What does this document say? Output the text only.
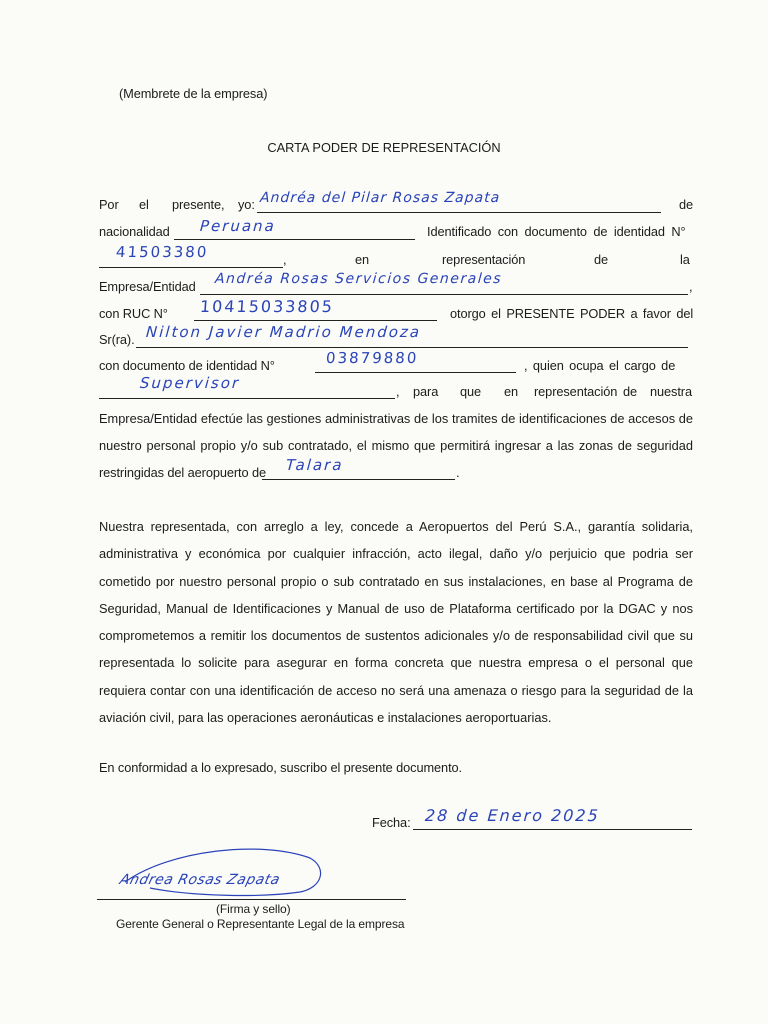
(Membrete de la empresa)
CARTA PODER DE REPRESENTACIÓN
Por el presente, yo: Andréa del Pilar Rosas Zapata	de
nacionalidad Peruana	Identificado con documento de identidad N°
41503380	,	en	representación	de	la
Empresa/Entidad Andréa Rosas Servicios Generales	,
con RUC N° 10415033805	otorgo el PRESENTE PODER a favor del
Sr(ra). Nilton Javier Madrio Mendoza
con documento de identidad N°	03879880	, quien ocupa el cargo de
Supervisor	, para que en representación de nuestra
Empresa/Entidad efectúe las gestiones administrativas de los tramites de identificaciones de accesos de
nuestro personal propio y/o sub contratado, el mismo que permitirá ingresar a las zonas de seguridad
restringidas del aeropuerto de Talara	.
Nuestra representada, con arreglo a ley, concede a Aeropuertos del Perú S.A., garantía solidaria, administrativa y económica por cualquier infracción, acto ilegal, daño y/o perjuicio que podria ser cometido por nuestro personal propio o sub contratado en sus instalaciones, en base al Programa de Seguridad, Manual de Identificaciones y Manual de uso de Plataforma certificado por la DGAC y nos comprometemos a remitir los documentos de sustentos adicionales y/o de responsabilidad civil que su representada lo solicite para asegurar en forma concreta que nuestra empresa o el personal que requiera contar con una identificación de acceso no será una amenaza o riesgo para la seguridad de la aviación civil, para las operaciones aeronáuticas e instalaciones aeroportuarias.
En conformidad a lo expresado, suscribo el presente documento.
Fecha: 28 de Enero 2025
Andrea Rosas Zapata
(Firma y sello)
Gerente General o Representante Legal de la empresa
